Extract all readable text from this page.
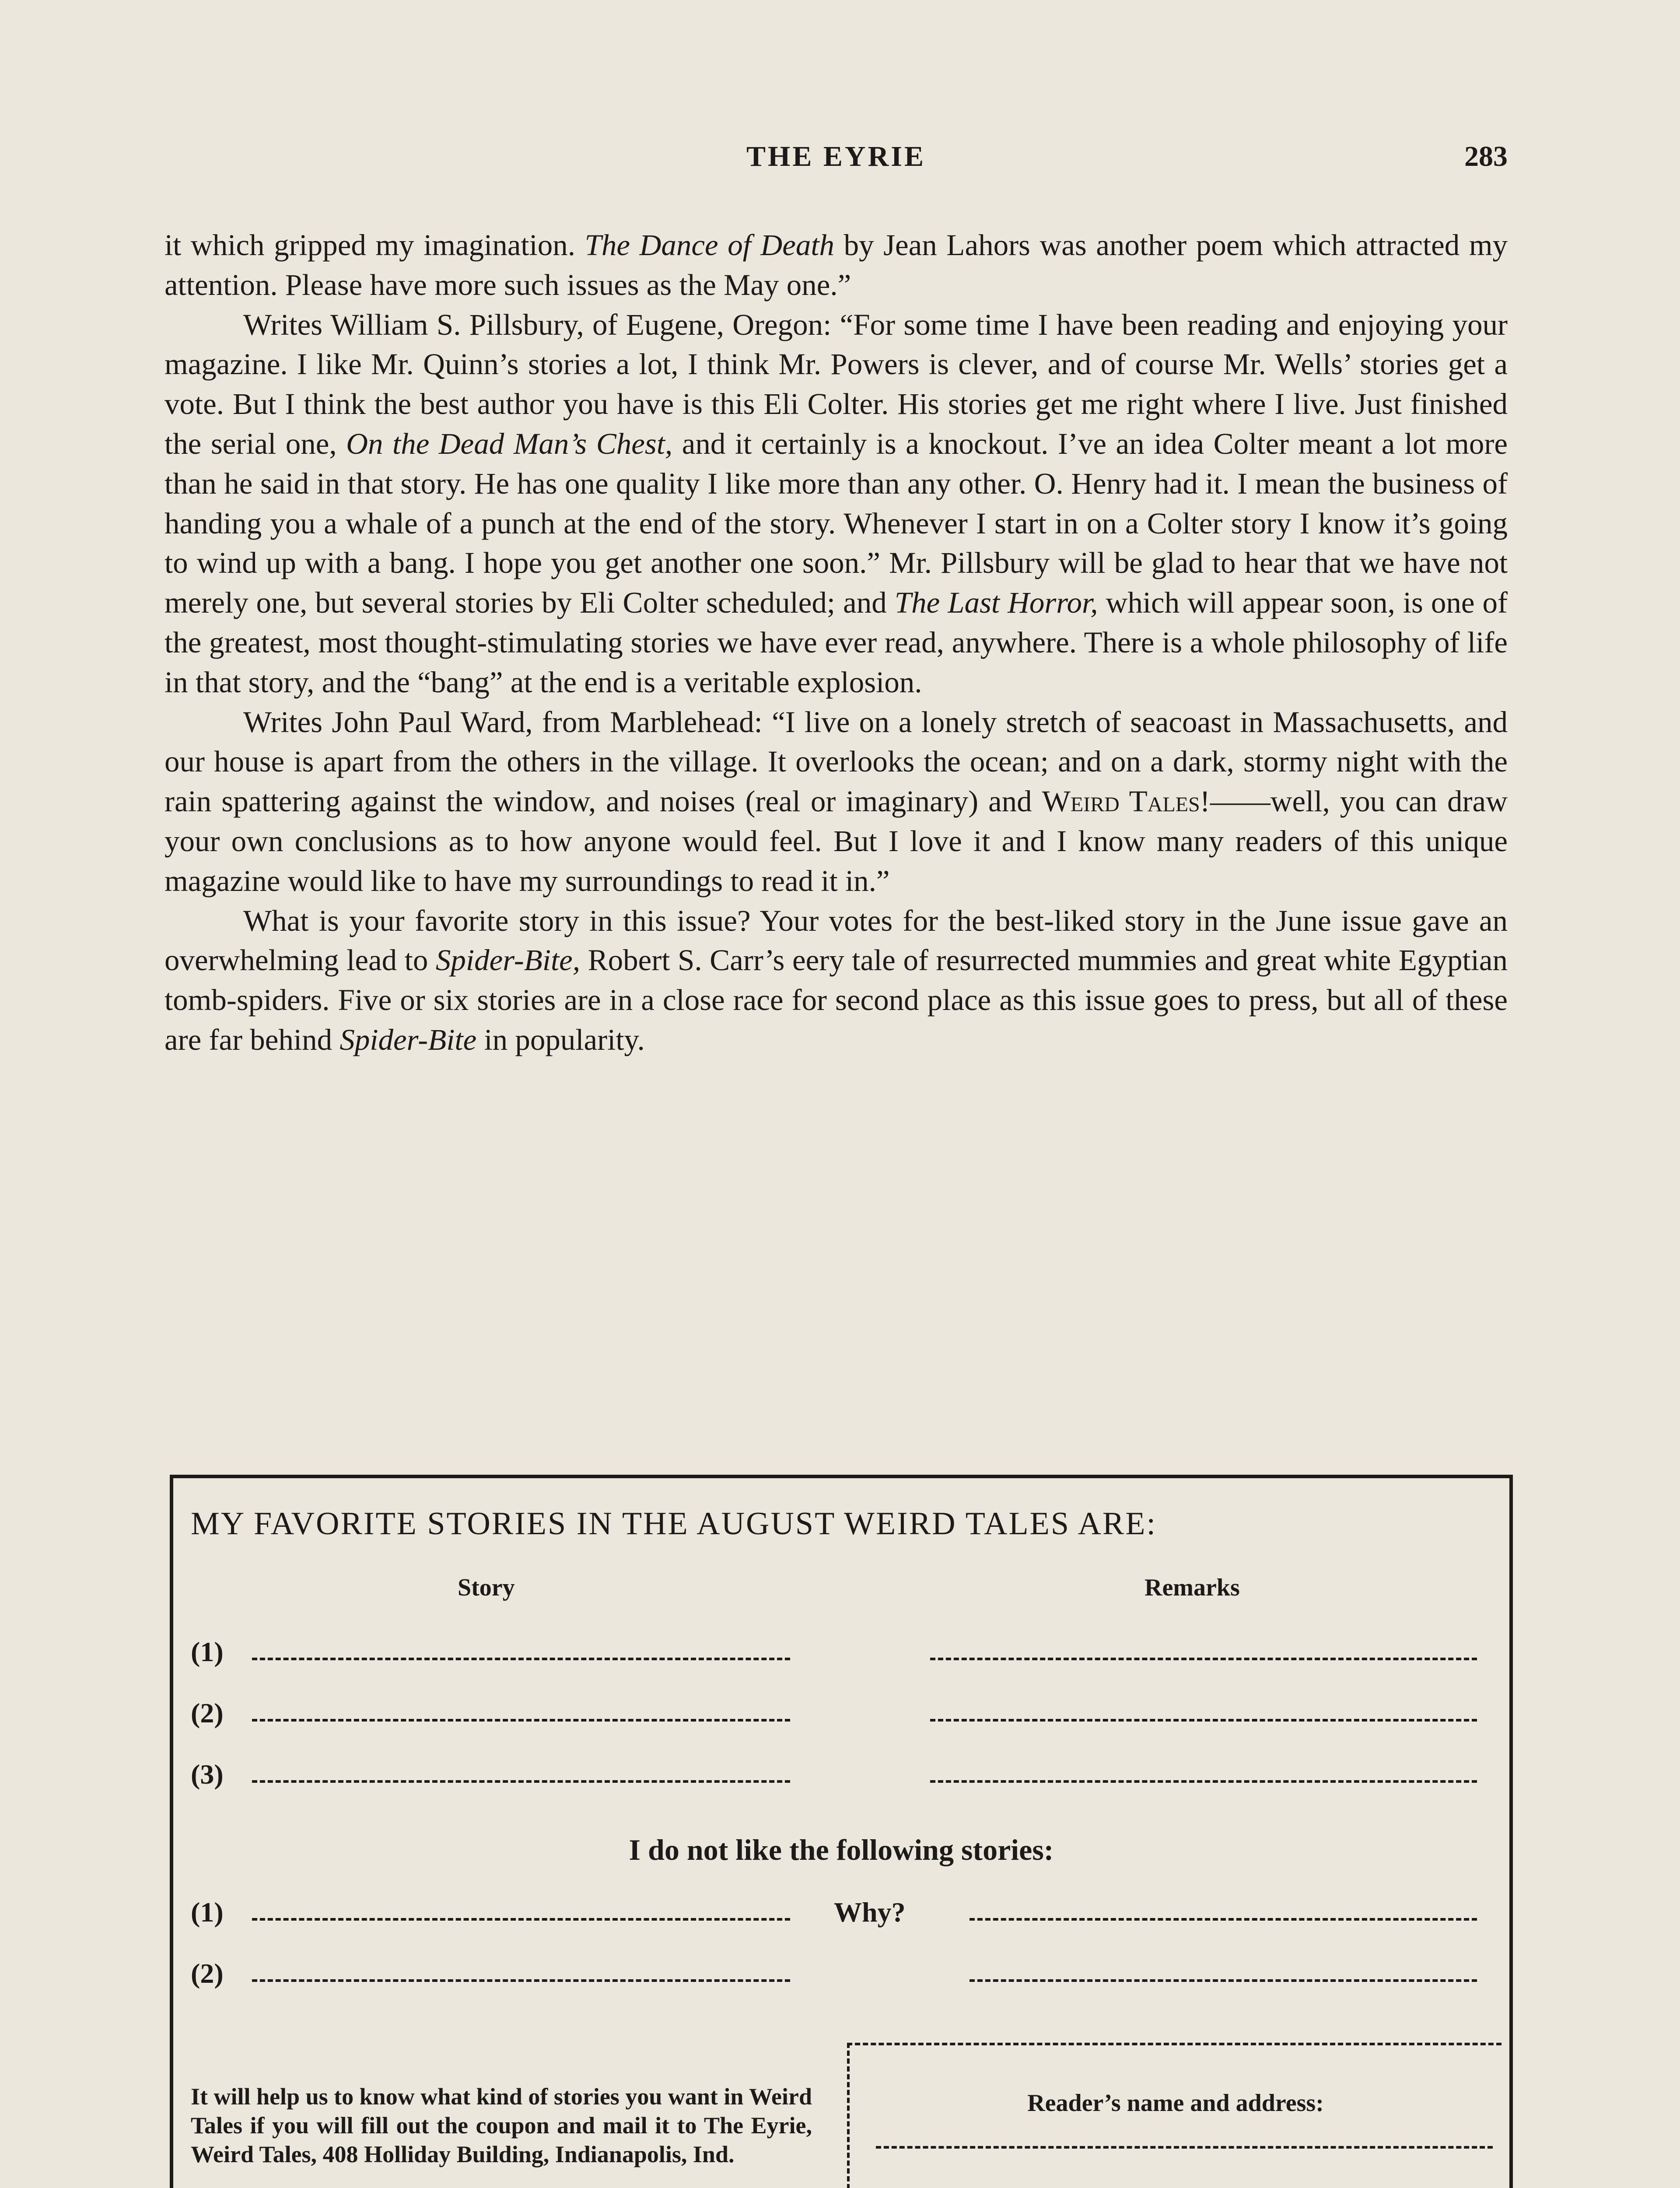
THE EYRIE	283

it which gripped my imagination. The Dance of Death by Jean Lahors was another poem which attracted my attention. Please have more such issues as the May one.”

Writes William S. Pillsbury, of Eugene, Oregon: “For some time I have been reading and enjoying your magazine. I like Mr. Quinn’s stories a lot, I think Mr. Powers is clever, and of course Mr. Wells’ stories get a vote. But I think the best author you have is this Eli Colter. His stories get me right where I live. Just finished the serial one, On the Dead Man’s Chest, and it certainly is a knockout. I’ve an idea Colter meant a lot more than he said in that story. He has one quality I like more than any other. O. Henry had it. I mean the business of handing you a whale of a punch at the end of the story. Whenever I start in on a Colter story I know it’s going to wind up with a bang. I hope you get another one soon.” Mr. Pillsbury will be glad to hear that we have not merely one, but several stories by Eli Colter scheduled; and The Last Horror, which will appear soon, is one of the greatest, most thought-stimulating stories we have ever read, anywhere. There is a whole philosophy of life in that story, and the “bang” at the end is a veritable explosion.

Writes John Paul Ward, from Marblehead: “I live on a lonely stretch of seacoast in Massachusetts, and our house is apart from the others in the village. It overlooks the ocean; and on a dark, stormy night with the rain spattering against the window, and noises (real or imaginary) and Weird Tales!——well, you can draw your own conclusions as to how anyone would feel. But I love it and I know many readers of this unique magazine would like to have my surroundings to read it in.”

What is your favorite story in this issue? Your votes for the best-liked story in the June issue gave an overwhelming lead to Spider-Bite, Robert S. Carr’s eery tale of resurrected mummies and great white Egyptian tomb-spiders. Five or six stories are in a close race for second place as this issue goes to press, but all of these are far behind Spider-Bite in popularity.

MY FAVORITE STORIES IN THE AUGUST WEIRD TALES ARE:
Story	Remarks
(1)
(2)
(3)
I do not like the following stories:
(1)	Why?
(2)
It will help us to know what kind of stories you want in Weird Tales if you will fill out the coupon and mail it to The Eyrie, Weird Tales, 408 Holliday Building, Indianapolis, Ind.
Reader’s name and address:
